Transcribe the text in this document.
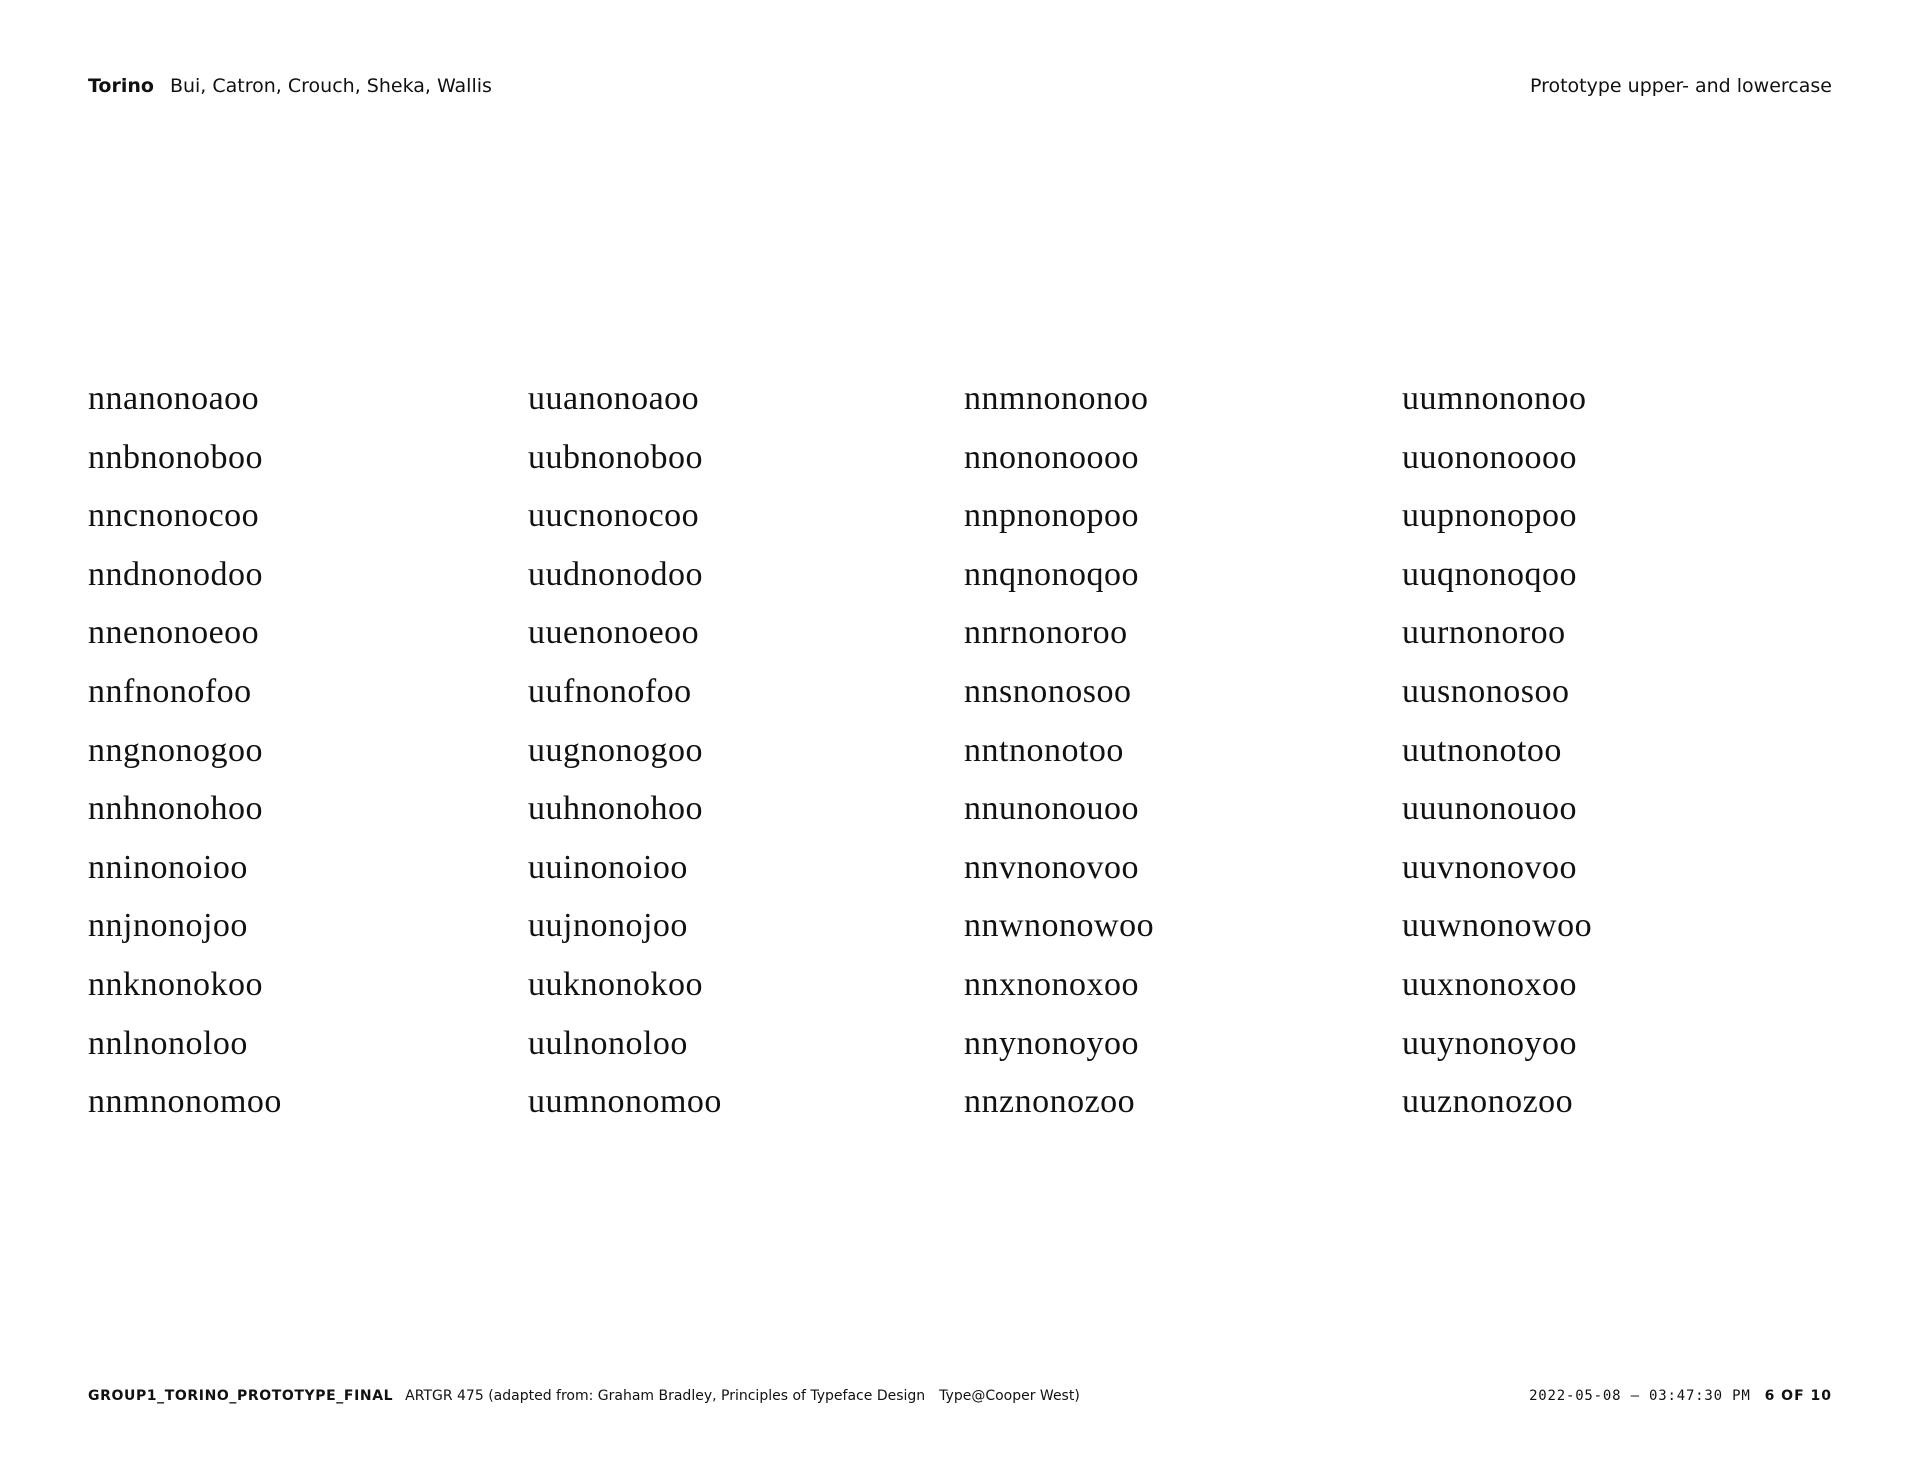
Torino Bui, Catron, Crouch, Sheka, Wallis	Prototype upper- and lowercase
nnanonoaoo
nnbnonoboo
nncnonocoo
nndnonodoo
nnenonoeoo
nnfnonofoo
nngnonogoo
nnhnonohoo
nninonoioo
nnjnonojoo
nnknonokoo
nnlnonoloo
nnmnonomoo
uuanonoaoo
uubnonoboo
uucnonocoo
uudnonodoo
uuenonoeoo
uufnonofoo
uugnonogoo
uuhnonohoo
uuinonoioo
uujnonojoo
uuknonokoo
uulnonoloo
uumnonomoo
nnmnononoo
nnononoooo
nnpnonopoo
nnqnonoqoo
nnrnonoroo
nnsnonosoo
nntnonotoo
nnunonouoo
nnvnonovoo
nnwnonowoo
nnxnonoxoo
nnynonoyoo
nnznonozoo
uumnononoo
uuononoooo
uupnonopoo
uuqnonoqoo
uurnonoroo
uusnonosoo
uutnonotoo
uuunonouoo
uuvnonovoo
uuwnonowoo
uuxnonoxoo
uuynonoyoo
uuznonozoo
GROUP1_TORINO_PROTOTYPE_FINAL ARTGR 475 (adapted from: Graham Bradley, Principles of Typeface Design Type@Cooper West)	2022-05-08 — 03:47:30 PM 6 OF 10
